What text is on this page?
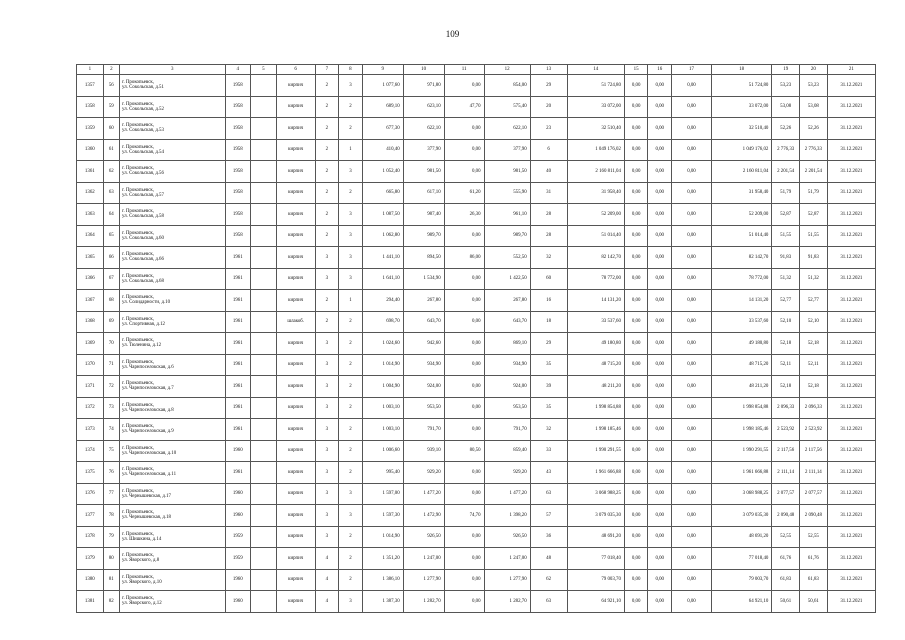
109
1	2	3	4	5	6	7	8	9	10	11	12	13	14	15	16	17	18	19	20	21
1357	56	г. Прокопьевск,
ул. Сокольская, д.51	1958		кирпич	2	3	1 077,60	971,80	0,00	854,00	29	51 724,80	0,00	0,00	0,00	51 724,80	53,23	53,23	31.12.2021
1358	59	г. Прокопьевск,
ул. Сокольская, д.52	1958		кирпич	2	2	689,10	623,10	47,70	575,40	20	33 072,00	0,00	0,00	0,00	33 072,00	53,08	53,08	31.12.2021
1359	60	г. Прокопьевск,
ул. Сокольская, д.53	1958		кирпич	2	2	677,30	622,10	0,00	622,10	23	32 510,40	0,00	0,00	0,00	32 510,40	52,26	52,26	31.12.2021
1360	61	г. Прокопьевск,
ул. Сокольская, д.54	1958		кирпич	2	1	410,40	377,90	0,00	377,90	6	1 049 176,02	0,00	0,00	0,00	1 049 176,02	2 776,33	2 776,33	31.12.2021
1361	62	г. Прокопьевск,
ул. Сокольская, д.56	1958		кирпич	2	3	1 052,40	981,50	0,00	981,50	40	2 160 811,04	0,00	0,00	0,00	2 160 811,04	2 201,54	2 201,54	31.12.2021
1362	63	г. Прокопьевск,
ул. Сокольская, д.57	1958		кирпич	2	2	665,80	617,10	61,20	555,90	31	31 958,40	0,00	0,00	0,00	31 958,40	51,79	51,79	31.12.2021
1363	64	г. Прокопьевск,
ул. Сокольская, д.58	1958		кирпич	2	3	1 087,50	987,40	26,30	961,10	28	52 209,00	0,00	0,00	0,00	52 209,00	52,87	52,87	31.12.2021
1364	65	г. Прокопьевск,
ул. Сокольская, д.60	1958		кирпич	2	3	1 062,80	989,70	0,00	989,70	28	51 014,40	0,00	0,00	0,00	51 014,40	51,55	51,55	31.12.2021
1365	66	г. Прокопьевск,
ул. Сокольская, д.66	1961		кирпич	3	3	1 441,10	894,50	86,00	552,50	32	82 142,70	0,00	0,00	0,00	82 142,70	91,83	91,83	31.12.2021
1366	67	г. Прокопьевск,
ул. Сокольская, д.68	1961		кирпич	3	3	1 641,10	1 534,90	0,00	1 422,50	60	78 772,00	0,00	0,00	0,00	78 772,00	51,32	51,32	31.12.2021
1367	68	г. Прокопьевск,
ул. Солидарности, д.10	1961		кирпич	2	1	294,40	267,80	0,00	267,80	16	14 131,20	0,00	0,00	0,00	14 131,20	52,77	52,77	31.12.2021
1368	69	г. Прокопьевск,
ул. Спортивная, д.12	1961		шлакоб.	2	2	698,70	643,70	0,00	643,70	18	33 537,60	0,00	0,00	0,00	33 537,60	52,10	52,10	31.12.2021
1369	70	г. Прокопьевск,
ул. Тюленина, д.12	1961		кирпич	3	2	1 024,60	942,60	0,00	869,10	29	49 180,80	0,00	0,00	0,00	49 180,80	52,18	52,18	31.12.2021
1370	71	г. Прокопьевск,
ул. Чарнпоселокская, д.6	1961		кирпич	3	2	1 014,90	934,90	0,00	934,90	35	48 715,20	0,00	0,00	0,00	48 715,20	52,11	52,11	31.12.2021
1371	72	г. Прокопьевск,
ул. Чарнпоселокская, д.7	1961		кирпич	3	2	1 004,90	924,00	0,00	924,00	39	48 211,20	0,00	0,00	0,00	48 211,20	52,18	52,18	31.12.2021
1372	73	г. Прокопьевск,
ул. Чарнпоселокская, д.8	1961		кирпич	3	2	1 003,10	953,50	0,00	953,50	35	1 998 854,88	0,00	0,00	0,00	1 998 854,88	2 096,33	2 096,33	31.12.2021
1373	74	г. Прокопьевск,
ул. Чарнпоселокская, д.9	1961		кирпич	3	2	1 003,10	791,70	0,00	791,70	32	1 998 185,46	0,00	0,00	0,00	1 998 185,46	2 523,92	2 523,92	31.12.2021
1374	75	г. Прокопьевск,
ул. Чарнпоселокская, д.10	1960		кирпич	3	2	1 006,60	939,10	80,50	859,40	33	1 990 291,55	0,00	0,00	0,00	1 990 291,55	2 117,56	2 117,56	31.12.2021
1375	76	г. Прокопьевск,
ул. Чарнпоселокская, д.11	1961		кирпич	3	2	995,40	929,20	0,00	929,20	43	1 961 666,88	0,00	0,00	0,00	1 961 666,88	2 111,14	2 111,14	31.12.2021
1376	77	г. Прокопьевск,
ул. Чернышевская, д.17	1960		кирпич	3	3	1 597,00	1 477,20	0,00	1 477,20	63	3 068 988,25	0,00	0,00	0,00	3 068 988,25	2 077,57	2 077,57	31.12.2021
1377	78	г. Прокопьевск,
ул. Чернышевская, д.18	1960		кирпич	3	3	1 597,30	1 472,90	74,70	1 398,20	57	3 079 035,30	0,00	0,00	0,00	3 079 035,30	2 090,48	2 090,48	31.12.2021
1378	79	г. Прокопьевск,
ул. Шишкина, д.14	1959		кирпич	3	2	1 014,90	926,50	0,00	926,50	36	48 691,20	0,00	0,00	0,00	48 691,20	52,55	52,55	31.12.2021
1379	80	г. Прокопьевск,
ул. Яворского, д.8	1959		кирпич	4	2	1 351,20	1 247,00	0,00	1 247,00	48	77 018,40	0,00	0,00	0,00	77 018,40	61,76	61,76	31.12.2021
1380	81	г. Прокопьевск,
ул. Яворского, д.10	1960		кирпич	4	2	1 386,10	1 277,90	0,00	1 277,90	62	79 003,70	0,00	0,00	0,00	79 003,70	61,83	61,83	31.12.2021
1381	82	г. Прокопьевск,
ул. Яворского, д.12	1960		кирпич	4	3	1 387,30	1 282,70	0,00	1 282,70	63	64 921,10	0,00	0,00	0,00	64 921,10	50,61	50,61	31.12.2021
